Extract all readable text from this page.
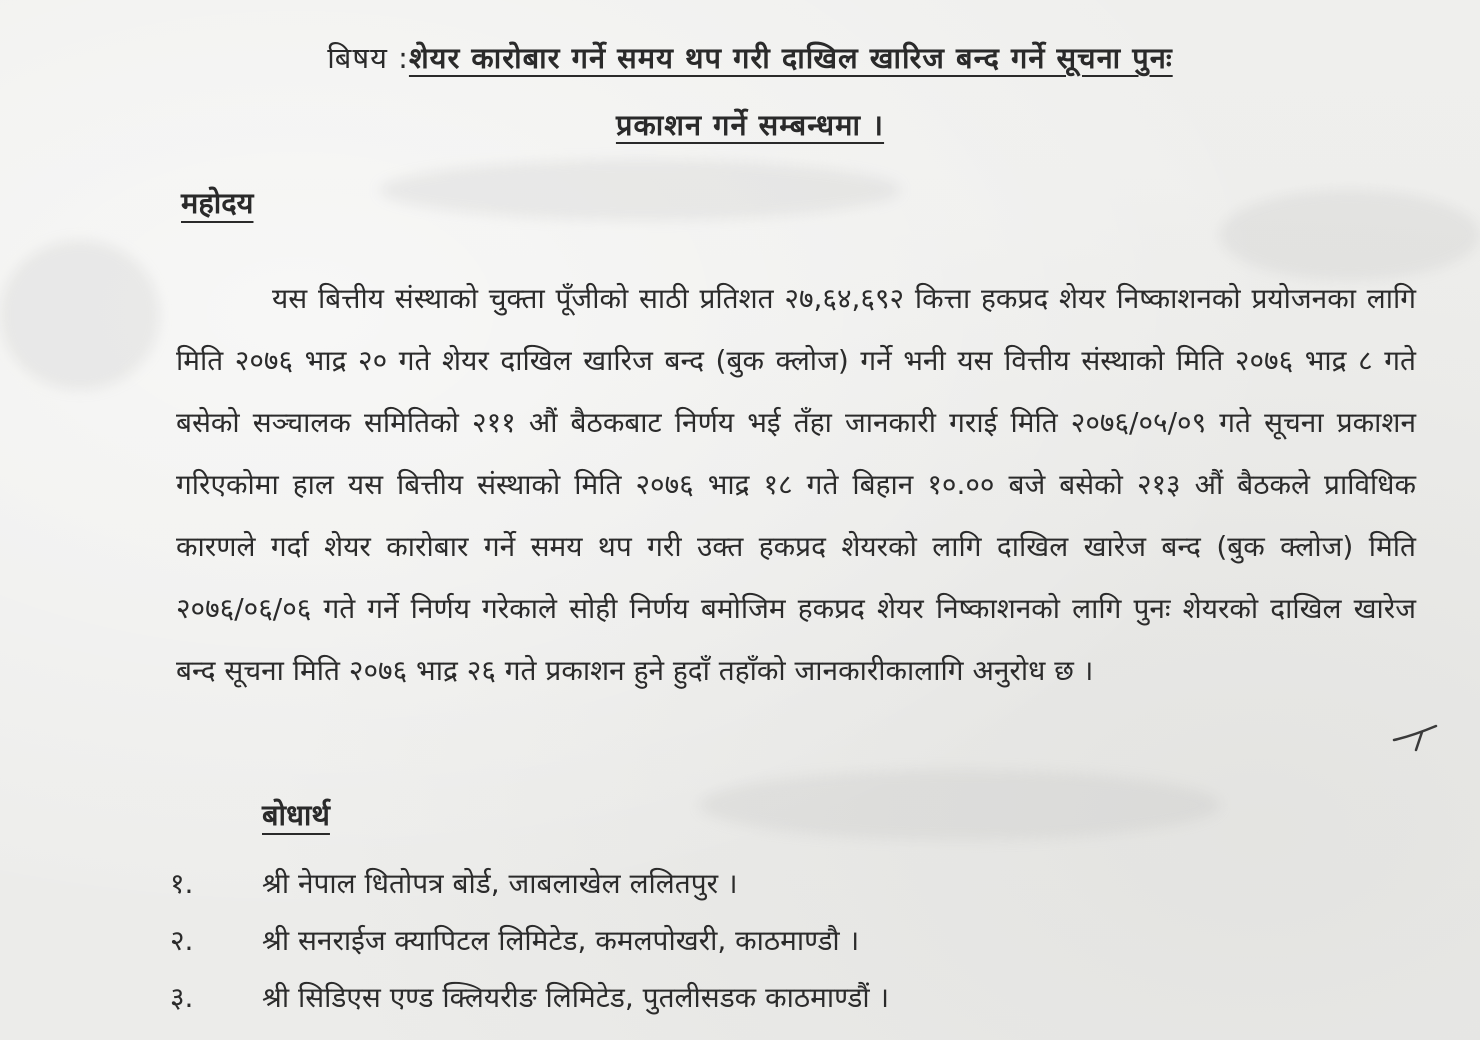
बिषय :शेयर कारोबार गर्ने समय थप गरी दाखिल खारिज बन्द गर्ने सूचना पुनः
प्रकाशन गर्ने सम्बन्धमा ।
महोदय

यस बित्तीय संस्थाको चुक्ता पूँजीको साठी प्रतिशत २७,६४,६९२ कित्ता हकप्रद शेयर निष्काशनको प्रयोजनका लागि मिति २०७६ भाद्र २० गते शेयर दाखिल खारिज बन्द (बुक क्लोज) गर्ने भनी यस वित्तीय संस्थाको मिति २०७६ भाद्र ८ गते बसेको सञ्चालक समितिको २११ औं बैठकबाट निर्णय भई तँहा जानकारी गराई मिति २०७६/०५/०९ गते सूचना प्रकाशन गरिएकोमा हाल यस बित्तीय संस्थाको मिति २०७६ भाद्र १८ गते बिहान १०.०० बजे बसेको २१३ औं बैठकले प्राविधिक कारणले गर्दा शेयर कारोबार गर्ने समय थप गरी उक्त हकप्रद शेयरको लागि दाखिल खारेज बन्द (बुक क्लोज) मिति २०७६/०६/०६ गते गर्ने निर्णय गरेकाले सोही निर्णय बमोजिम हकप्रद शेयर निष्काशनको लागि पुनः शेयरको दाखिल खारेज बन्द सूचना मिति २०७६ भाद्र २६ गते प्रकाशन हुने हुदाँ तहाँको जानकारीकालागि अनुरोध छ ।

बोधार्थ
१. श्री नेपाल धितोपत्र बोर्ड, जाबलाखेल ललितपुर ।
२. श्री सनराईज क्यापिटल लिमिटेड, कमलपोखरी, काठमाण्डौ ।
३. श्री सिडिएस एण्ड क्लियरीङ लिमिटेड, पुतलीसडक काठमाण्डौं ।
